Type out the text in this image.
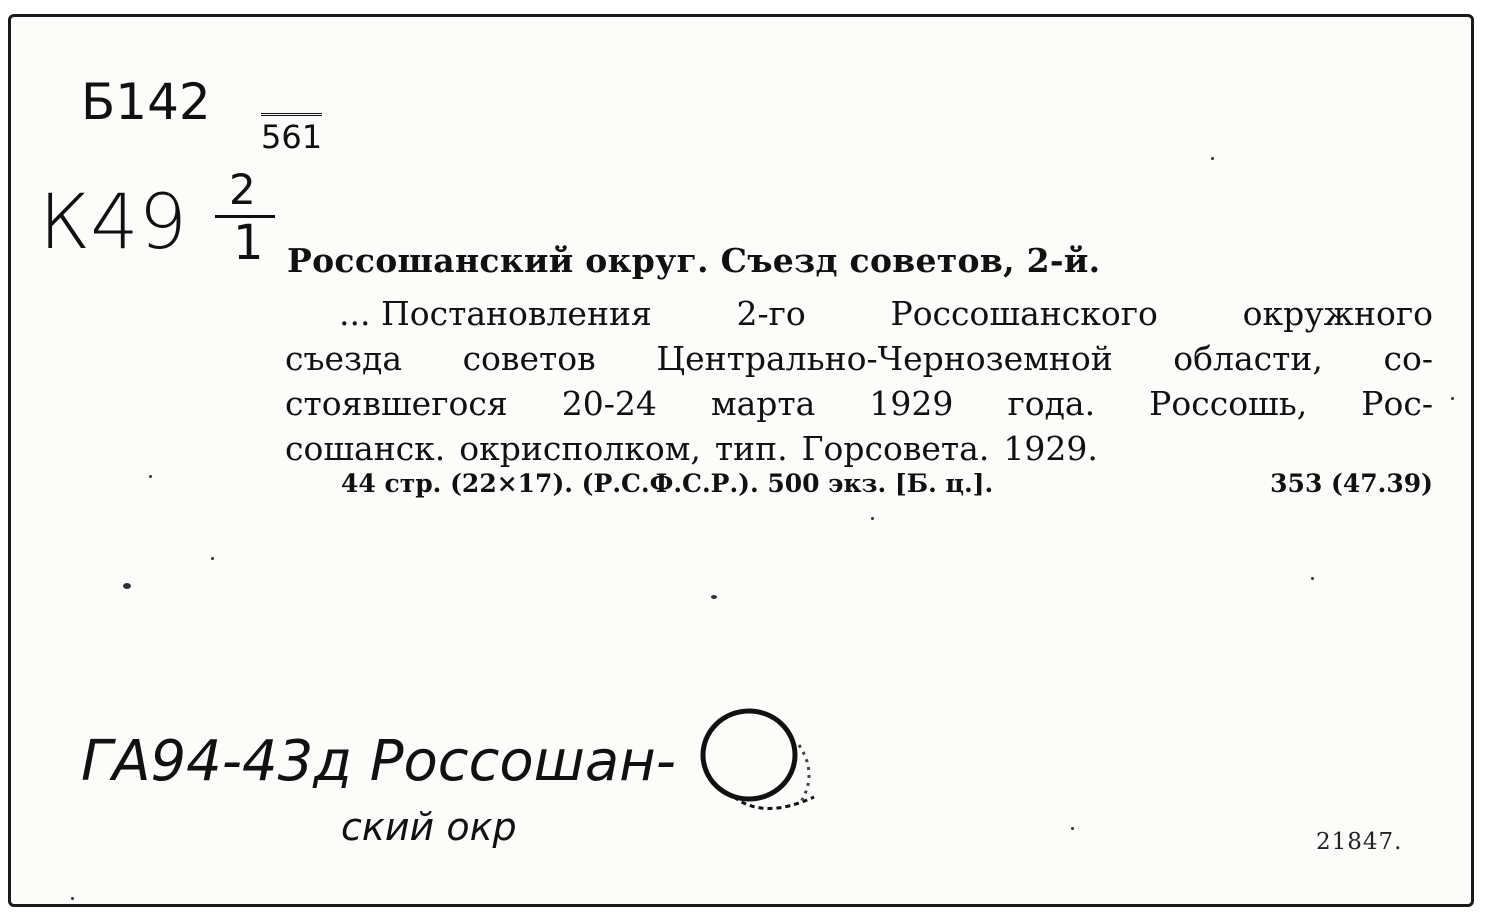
Б142
561
К49 2
1 Россошанский округ. Съезд советов, 2-й.
... Постановления	2-го	Россошанского	окружного
съезда советов Центрально-Черноземной области, со-
стоявшегося 20-24 марта 1929 года. Россошь, Рос-
сошанск. окрисполком, тип. Горсовета. 1929.
44 стр. (22×17). (Р.С.Ф.С.Р.). 500 экз. [Б. ц.].	353 (47.39)
ГА94-43д Россошан-
ский окр	21847.
